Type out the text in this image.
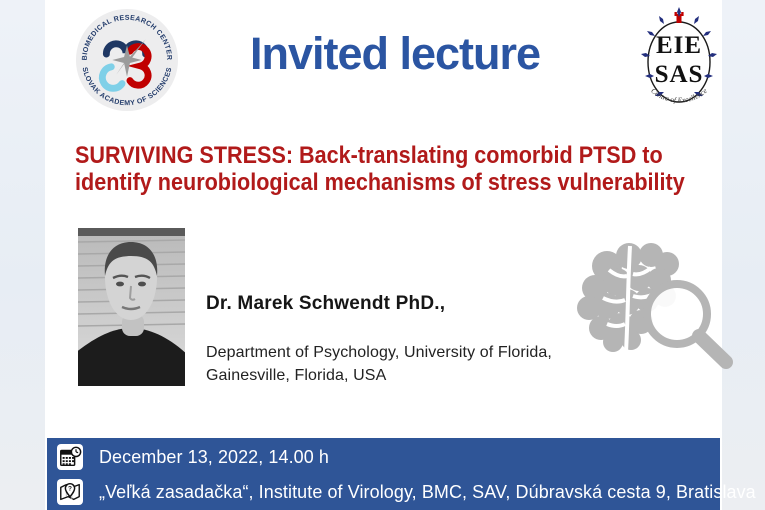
BIOMEDICAL RESEARCH CENTER
SLOVAK ACADEMY OF SCIENCES	Invited lecture	EIE
SAS
Centre of Excellence
SURVIVING STRESS: Back-translating comorbid PTSD to
identify neurobiological mechanisms of stress vulnerability
Dr. Marek Schwendt PhD.,
Department of Psychology, University of Florida,
Gainesville, Florida, USA
December 13, 2022, 14.00 h
? „Veľká zasadačka“, Institute of Virology, BMC, SAV, Dúbravská cesta 9, Bratislava
